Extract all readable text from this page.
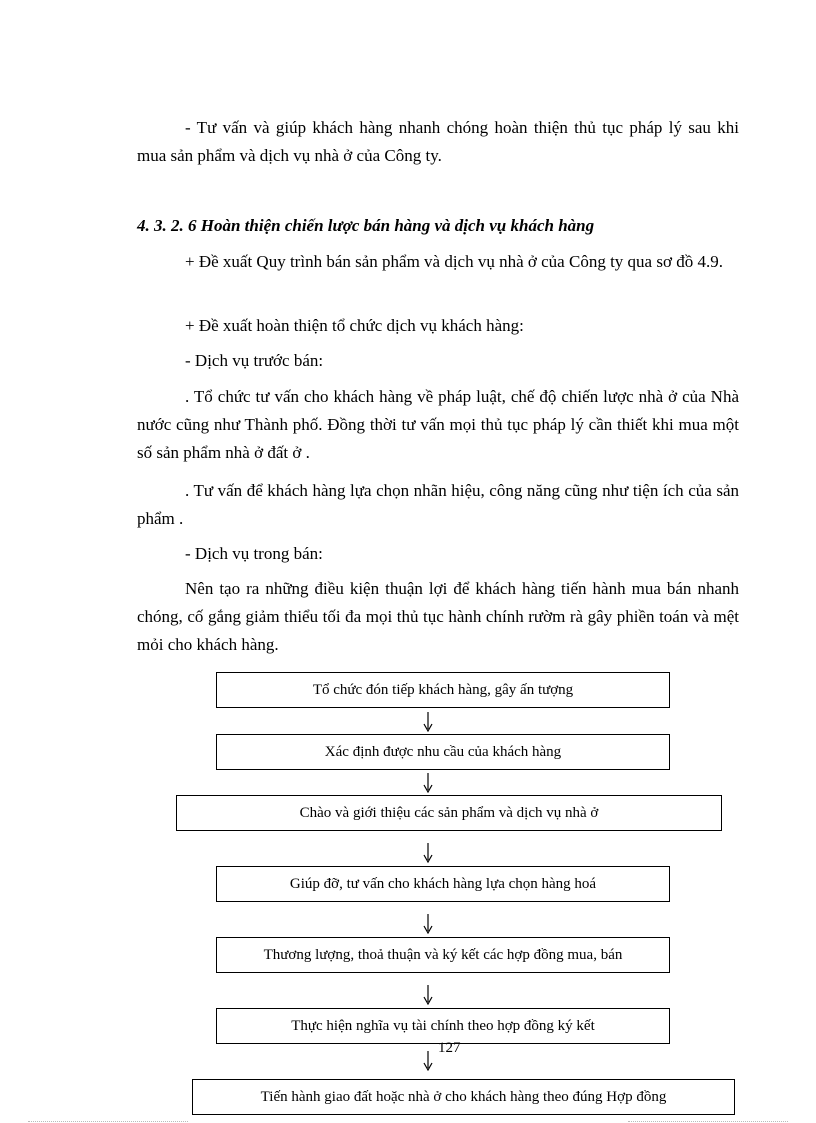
- Tư vấn và giúp khách hàng nhanh chóng hoàn thiện thủ tục pháp lý sau khi mua sản phẩm và dịch vụ nhà ở của Công ty.

4. 3. 2. 6 Hoàn thiện chiến lược bán hàng và dịch vụ khách hàng

+ Đề xuất Quy trình bán sản phẩm và dịch vụ nhà ở của Công ty qua sơ đồ 4.9.

+ Đề xuất hoàn thiện tổ chức dịch vụ khách hàng:

- Dịch vụ trước bán:

. Tổ chức tư vấn cho khách hàng về pháp luật, chế độ chiến lược nhà ở của Nhà nước cũng như Thành phố. Đồng thời tư vấn mọi thủ tục pháp lý cần thiết khi mua một số sản phẩm nhà ở đất ở .

. Tư vấn để khách hàng lựa chọn nhãn hiệu, công năng cũng như tiện ích của sản phẩm .

- Dịch vụ trong bán:

Nên tạo ra những điều kiện thuận lợi để khách hàng tiến hành mua bán nhanh chóng, cố gắng giảm thiểu tối đa mọi thủ tục hành chính rườm rà gây phiền toán và mệt mỏi cho khách hàng.

Tổ chức đón tiếp khách hàng, gây ấn tượng
Xác định được nhu cầu của khách hàng
Chào và giới thiệu các sản phẩm và dịch vụ nhà ở
Giúp đỡ, tư vấn cho khách hàng lựa chọn hàng hoá
Thương lượng, thoả thuận và ký kết các hợp đồng mua, bán
Thực hiện nghĩa vụ tài chính theo hợp đồng ký kết
Tiến hành giao đất hoặc nhà ở cho khách hàng theo đúng Hợp đồng
127
